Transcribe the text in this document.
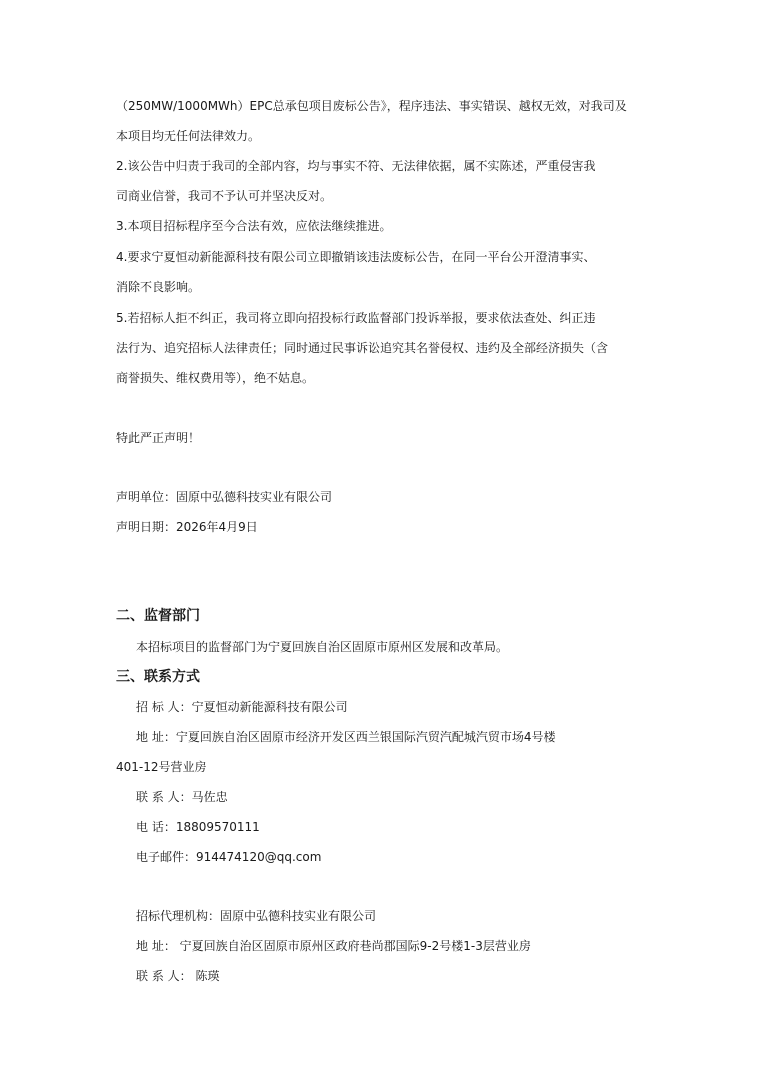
（250MW/1000MWh）EPC总承包项目废标公告》，程序违法、事实错误、越权无效，对我司及
本项目均无任何法律效力。
2.该公告中归责于我司的全部内容，均与事实不符、无法律依据，属不实陈述，严重侵害我
司商业信誉，我司不予认可并坚决反对。
3.本项目招标程序至今合法有效，应依法继续推进。
4.要求宁夏恒动新能源科技有限公司立即撤销该违法废标公告，在同一平台公开澄清事实、
消除不良影响。
5.若招标人拒不纠正，我司将立即向招投标行政监督部门投诉举报，要求依法查处、纠正违
法行为、追究招标人法律责任；同时通过民事诉讼追究其名誉侵权、违约及全部经济损失（含
商誉损失、维权费用等），绝不姑息。
特此严正声明！
声明单位：固原中弘德科技实业有限公司
声明日期：2026年4月9日
二、监督部门
本招标项目的监督部门为宁夏回族自治区固原市原州区发展和改革局。
三、联系方式
招 标 人：宁夏恒动新能源科技有限公司
地 址：宁夏回族自治区固原市经济开发区西兰银国际汽贸汽配城汽贸市场4号楼
401-12号营业房
联 系 人：马佐忠
电 话：18809570111
电子邮件：914474120@qq.com
招标代理机构：固原中弘德科技实业有限公司
地 址： 宁夏回族自治区固原市原州区政府巷尚郡国际9-2号楼1-3层营业房
联 系 人： 陈瑛
